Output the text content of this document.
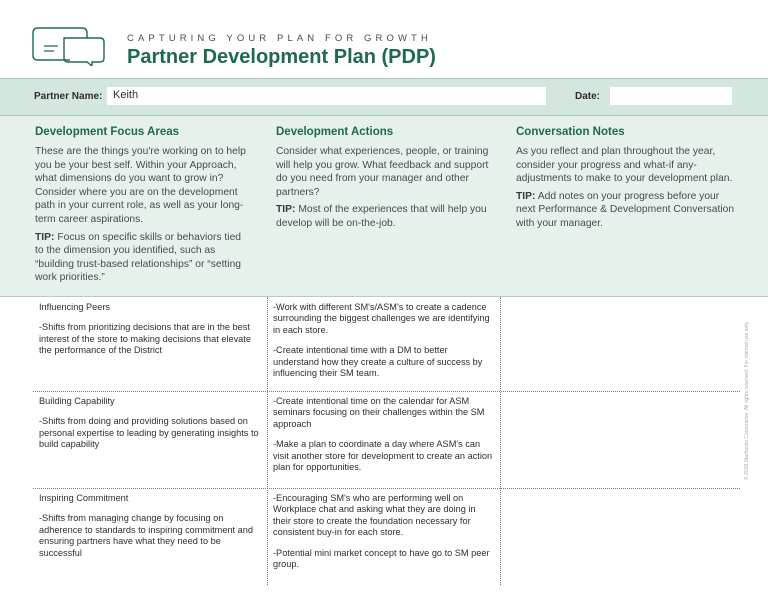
CAPTURING YOUR PLAN FOR GROWTH
Partner Development Plan (PDP)
Partner Name: Keith	Date:
Development Focus Areas

These are the things you're working on to help you be your best self. Within your Approach, what dimensions do you want to grow in? Consider where you are on the development path in your current role, as well as your long- term career aspirations.

TIP: Focus on specific skills or behaviors tied to the dimension you identified, such as “building trust-based relationships” or “setting work priorities.”

Development Actions

Consider what experiences, people, or training will help you grow. What feedback and support do you need from your manager and other partners?

TIP: Most of the experiences that will help you develop will be on-the-job.

Conversation Notes

As you reflect and plan throughout the year, consider your progress and what-if any-adjustments to make to your development plan.

TIP: Add notes on your progress before your next Performance & Development Conversation with your manager.

Influencing Peers

-Shifts from prioritizing decisions that are in the best interest of the store to making decisions that elevate the performance of the District

-Work with different SM's/ASM's to create a cadence surrounding the biggest challenges we are identifying in each store.

-Create intentional time with a DM to better understand how they create a culture of success by influencing their SM team.

Building Capability

-Shifts from doing and providing solutions based on personal expertise to leading by generating insights to build capability

-Create intentional time on the calendar for ASM seminars focusing on their challenges within the SM approach

-Make a plan to coordinate a day where ASM's can visit another store for development to create an action plan for opportunities.

Inspiring Commitment

-Shifts from managing change by focusing on adherence to standards to inspiring commitment and ensuring partners have what they need to be successful

-Encouraging SM's who are performing well on Workplace chat and asking what they are doing in their store to create the foundation necessary for consistent buy-in for each store.

-Potential mini market concept to have go to SM peer group.

© 2019 Starbucks Corporation. All rights reserved. For internal use only.
